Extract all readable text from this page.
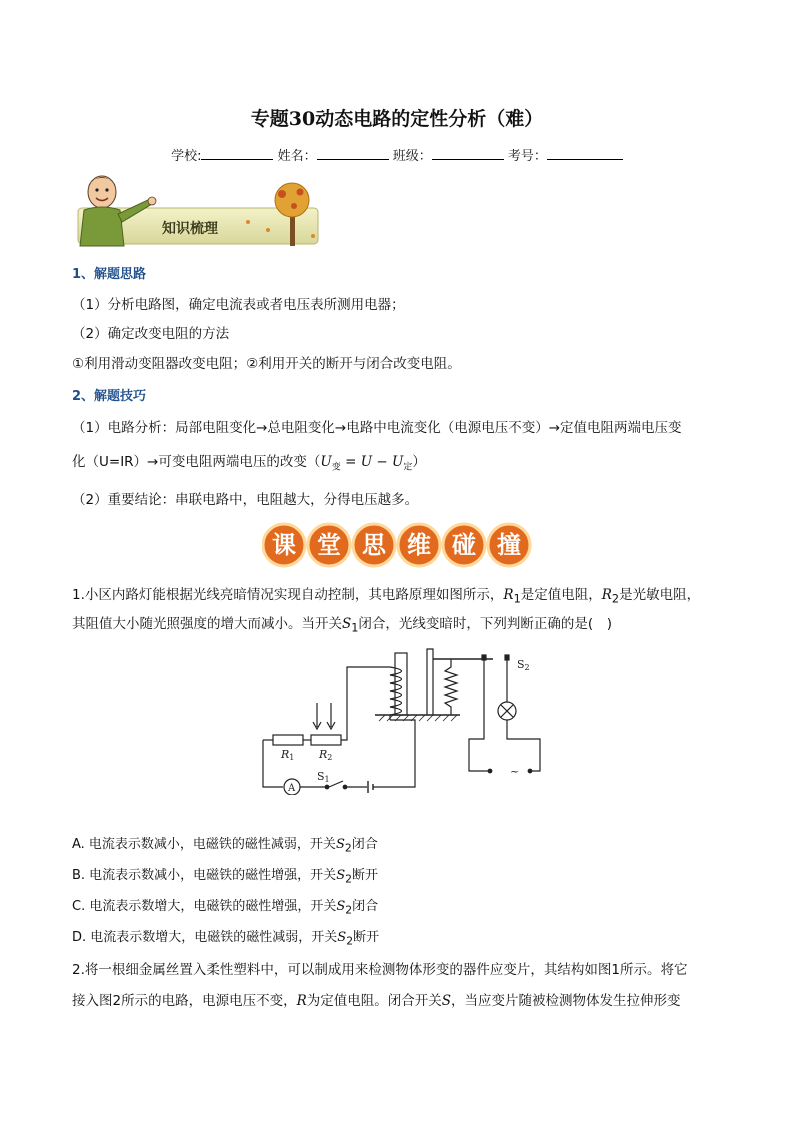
专题30动态电路的定性分析（难）
学校:	姓名：	班级：	考号：
知识梳理
1、解题思路
（1）分析电路图，确定电流表或者电压表所测用电器；
（2）确定改变电阻的方法
①利用滑动变阻器改变电阻；②利用开关的断开与闭合改变电阻。
2、解题技巧
（1）电路分析：局部电阻变化→总电阻变化→电路中电流变化（电源电压不变）→定值电阻两端电压变
化（U=IR）→可变电阻两端电压的改变$(U_变 = U - U_定)$
（2）重要结论：串联电路中，电阻越大，分得电压越多。
课 堂 思 维 碰 撞
1.小区内路灯能根据光线亮暗情况实现自动控制，其电路原理如图所示，$R_1$是定值电阻，$R_2$是光敏电阻，
其阻值大小随光照强度的增大而减小。当开关$S_1$闭合，光线变暗时，下列判断正确的是(　)
A
S1
R1 R2
S2
~
A. 电流表示数减小，电磁铁的磁性减弱，开关$S_2$闭合
B. 电流表示数减小，电磁铁的磁性增强，开关$S_2$断开
C. 电流表示数增大，电磁铁的磁性增强，开关$S_2$闭合
D. 电流表示数增大，电磁铁的磁性减弱，开关$S_2$断开
2.将一根细金属丝置入柔性塑料中，可以制成用来检测物体形变的器件应变片，其结构如图1所示。将它
接入图2所示的电路，电源电压不变，R为定值电阻。闭合开关S，当应变片随被检测物体发生拉伸形变
